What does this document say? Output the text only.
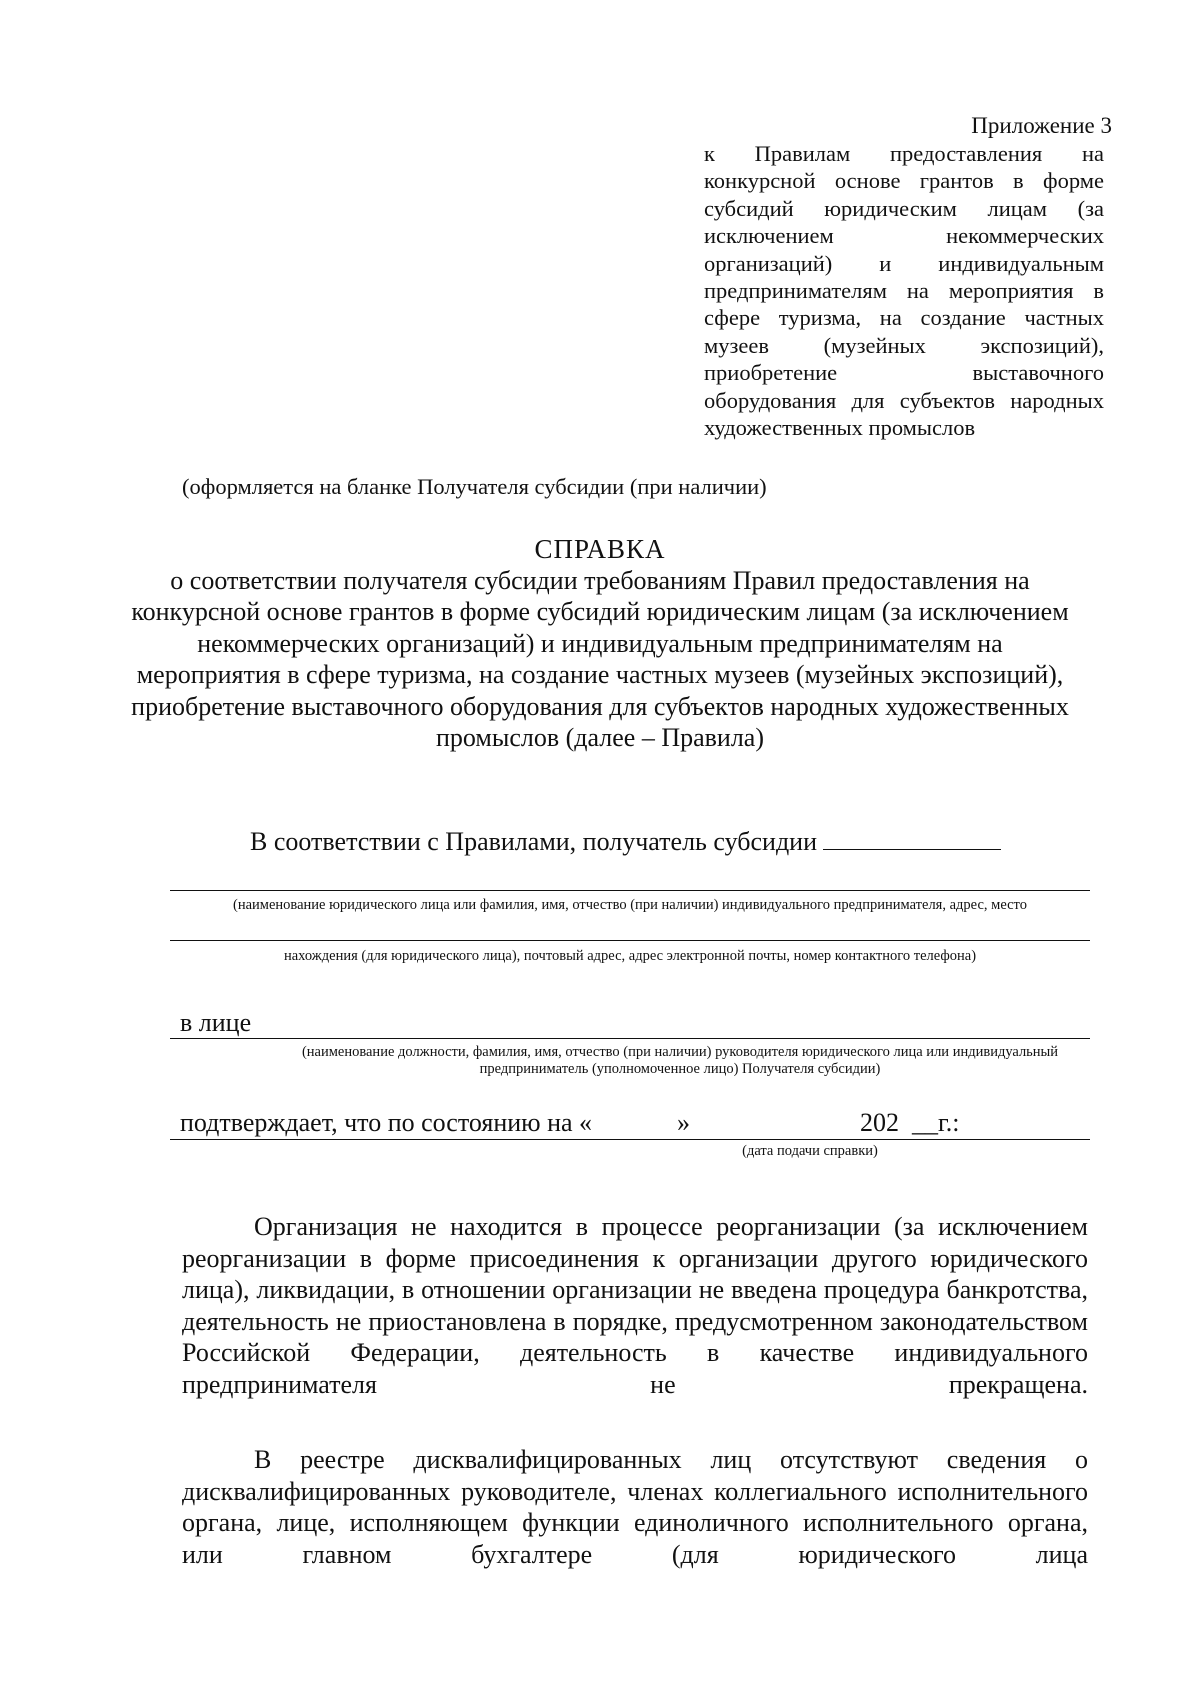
Приложение 3
к Правилам предоставления на конкурсной основе грантов в форме субсидий юридическим лицам (за исключением некоммерческих организаций) и индивидуальным предпринимателям на мероприятия в сфере туризма, на создание частных музеев (музейных экспозиций), приобретение выставочного оборудования для субъектов народных художественных промыслов
(оформляется на бланке Получателя субсидии (при наличии)
СПРАВКА
о соответствии получателя субсидии требованиям Правил предоставления на конкурсной основе грантов в форме субсидий юридическим лицам (за исключением некоммерческих организаций) и индивидуальным предпринимателям на мероприятия в сфере туризма, на создание частных музеев (музейных экспозиций), приобретение выставочного оборудования для субъектов народных художественных промыслов (далее – Правила)
В соответствии с Правилами, получатель субсидии
(наименование юридического лица или фамилия, имя, отчество (при наличии) индивидуального предпринимателя, адрес, место
нахождения (для юридического лица), почтовый адрес, адрес электронной почты, номер контактного телефона)
в лице
(наименование должности, фамилия, имя, отчество (при наличии) руководителя юридического лица или индивидуальный предприниматель (уполномоченное лицо) Получателя субсидии)
подтверждает, что по состоянию на «	»	202 __ г.:
(дата подачи справки)
Организация не находится в процессе реорганизации (за исключением реорганизации в форме присоединения к организации другого юридического лица), ликвидации, в отношении организации не введена процедура банкротства, деятельность не приостановлена в порядке, предусмотренном законодательством Российской Федерации, деятельность в качестве индивидуального предпринимателя не прекращена.
В реестре дисквалифицированных лиц отсутствуют сведения о дисквалифицированных руководителе, членах коллегиального исполнительного органа, лице, исполняющем функции единоличного исполнительного органа, или главном бухгалтере (для юридического лица
